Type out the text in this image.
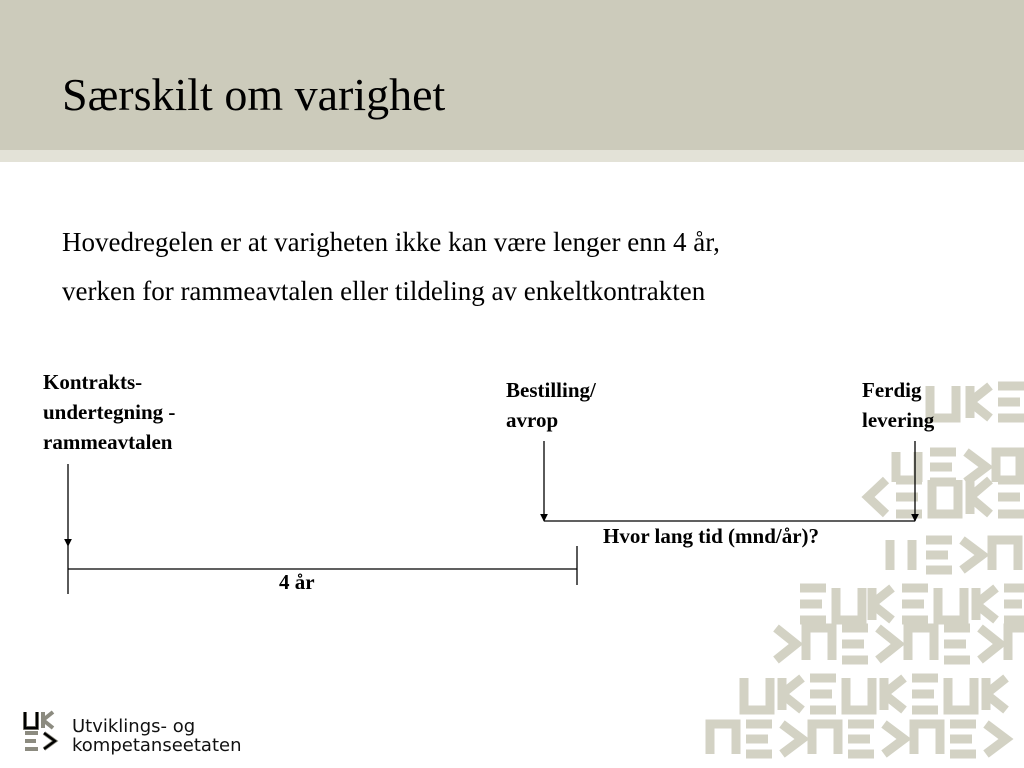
Særskilt om varighet

Hovedregelen er at varigheten ikke kan være lenger enn 4 år,

verken for rammeavtalen eller tildeling av enkeltkontrakten

Kontrakts-

undertegning -

rammeavtalen

Bestilling/

avrop

Ferdig

levering

Hvor lang tid (mnd/år)?

4 år

Utviklings- og

kompetanseetaten
